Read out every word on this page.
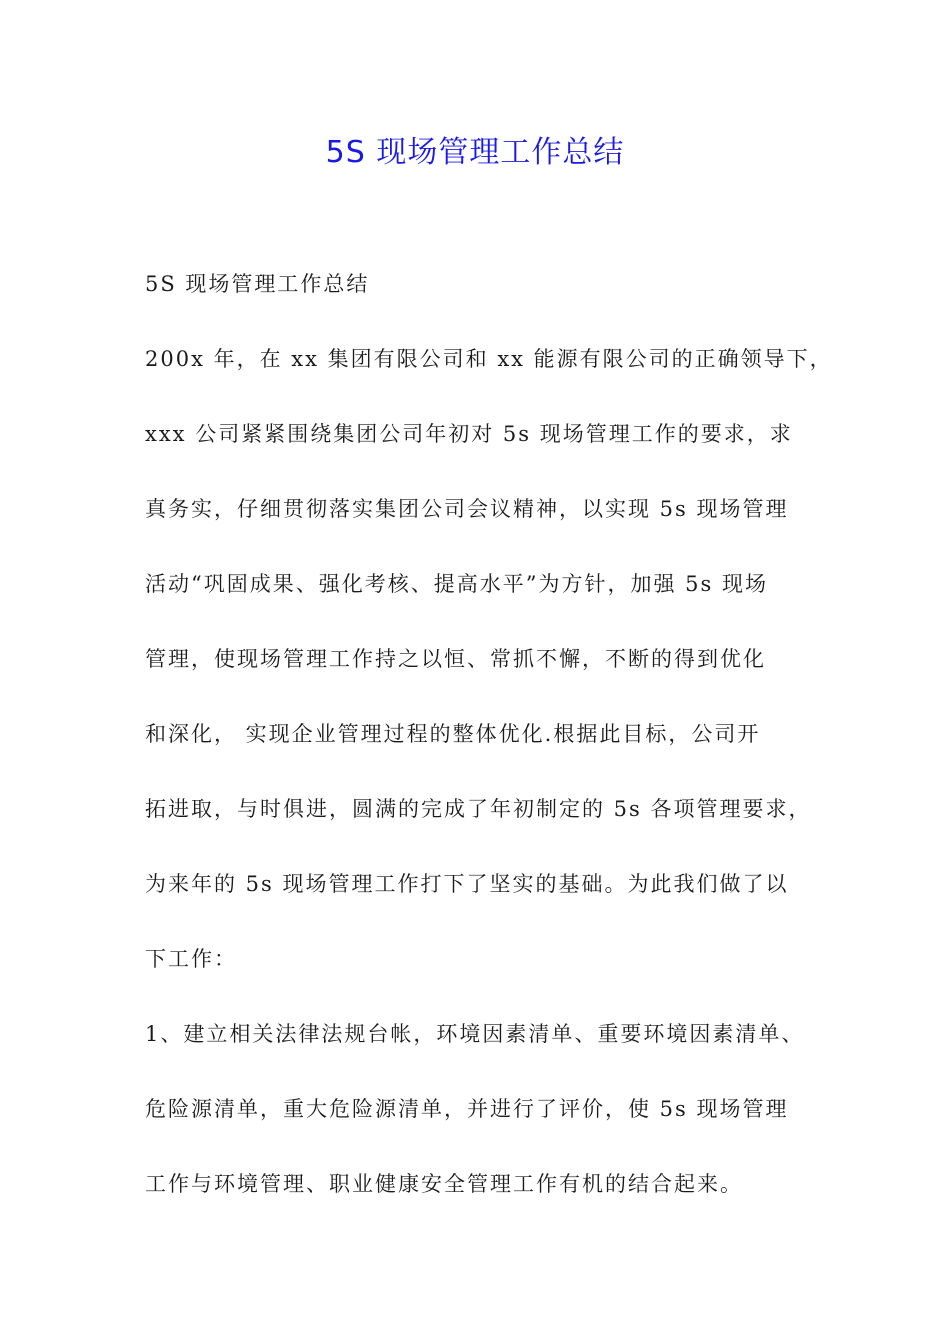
5S 现场管理工作总结
5S 现场管理工作总结
200x 年，在 xx 集团有限公司和 xx 能源有限公司的正确领导下，
xxx 公司紧紧围绕集团公司年初对 5s 现场管理工作的要求，求
真务实，仔细贯彻落实集团公司会议精神，以实现 5s 现场管理
活动“巩固成果、强化考核、提高水平”为方针，加强 5s 现场
管理，使现场管理工作持之以恒、常抓不懈，不断的得到优化
和深化， 实现企业管理过程的整体优化.根据此目标，公司开
拓进取，与时俱进，圆满的完成了年初制定的 5s 各项管理要求，
为来年的 5s 现场管理工作打下了坚实的基础。为此我们做了以
下工作：
1、建立相关法律法规台帐，环境因素清单、重要环境因素清单、
危险源清单，重大危险源清单，并进行了评价，使 5s 现场管理
工作与环境管理、职业健康安全管理工作有机的结合起来。
